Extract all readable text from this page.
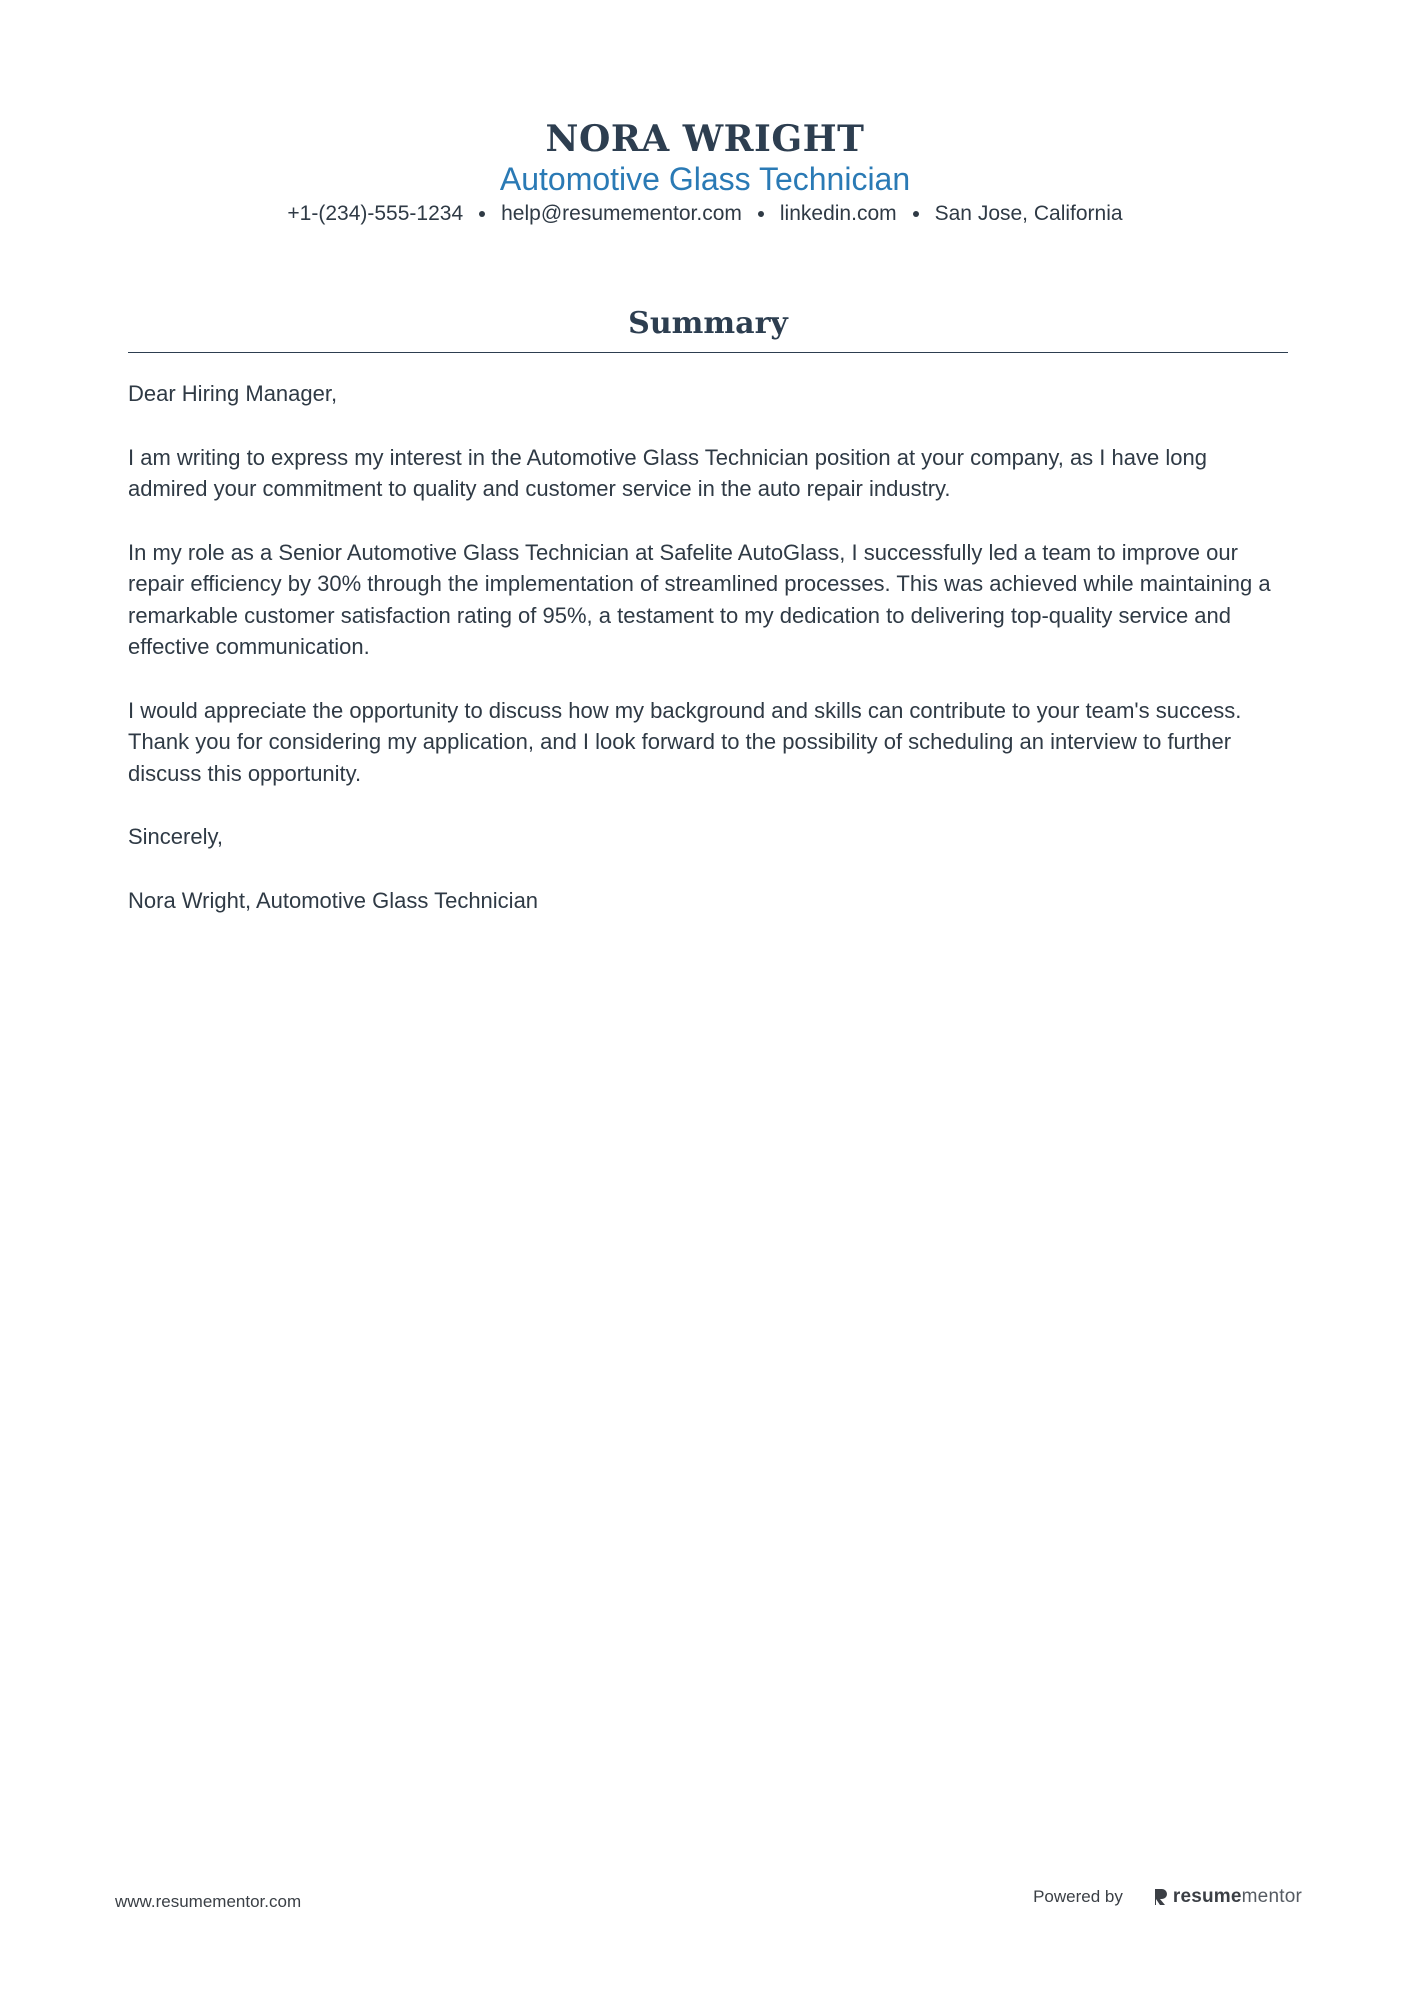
NORA WRIGHT
Automotive Glass Technician
+1-(234)-555-1234 help@resumementor.com linkedin.com San Jose, California
Summary

Dear Hiring Manager,

I am writing to express my interest in the Automotive Glass Technician position at your company, as I have long admired your commitment to quality and customer service in the auto repair industry.

In my role as a Senior Automotive Glass Technician at Safelite AutoGlass, I successfully led a team to improve our repair efficiency by 30% through the implementation of streamlined processes. This was achieved while maintaining a remarkable customer satisfaction rating of 95%, a testament to my dedication to delivering top-quality service and effective communication.

I would appreciate the opportunity to discuss how my background and skills can contribute to your team's success. Thank you for considering my application, and I look forward to the possibility of scheduling an interview to further discuss this opportunity.

Sincerely,

Nora Wright, Automotive Glass Technician

www.resumementor.com	Powered by	resume mentor
